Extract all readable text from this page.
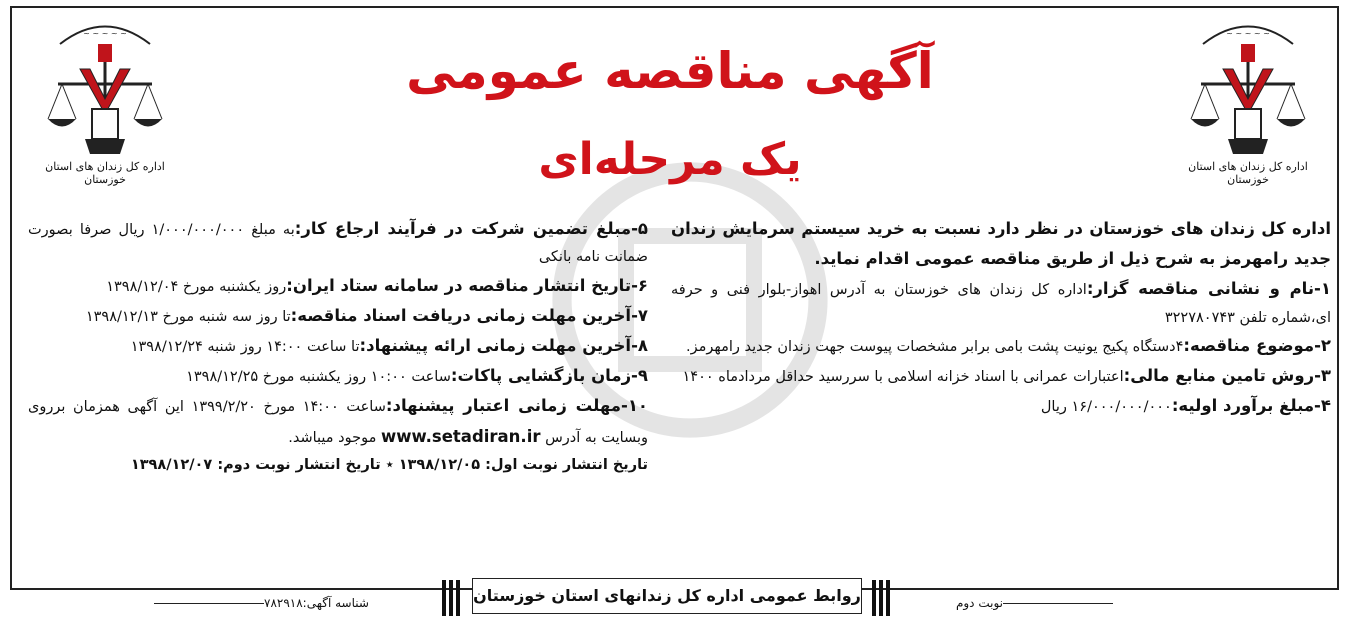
~ ~ ~ ~ ~
اداره کل زندان های استان خوزستان
~ ~ ~ ~ ~
اداره کل زندان های استان خوزستان
آگهی مناقصه عمومی
یک مرحله‌ای

اداره کل زندان های خوزستان در نظر دارد نسبت به خرید سیستم سرمایش زندان جدید رامهرمز به شرح ذیل از طریق مناقصه عمومی اقدام نماید.

۱-نام و نشانی مناقصه گزار:اداره کل زندان های خوزستان به آدرس اهواز-بلوار فنی و حرفه ای،شماره تلفن ۳۲۲۷۸۰۷۴۳

۲-موضوع مناقصه:۴دستگاه پکیج یونیت پشت بامی برابر مشخصات پیوست جهت زندان جدید رامهرمز.

۳-روش تامین منابع مالی:اعتبارات عمرانی با اسناد خزانه اسلامی با سررسید حداقل مردادماه ۱۴۰۰

۴-مبلغ برآورد اولیه:۱۶/۰۰۰/۰۰۰/۰۰۰ ریال

۵-مبلغ تضمین شرکت در فرآیند ارجاع کار:به مبلغ ۱/۰۰۰/۰۰۰/۰۰۰ ریال صرفا بصورت ضمانت نامه بانکی

۶-تاریخ انتشار مناقصه در سامانه ستاد ایران:روز یکشنبه مورخ ۱۳۹۸/۱۲/۰۴

۷-آخرین مهلت زمانی دریافت اسناد مناقصه:تا روز سه شنبه مورخ ۱۳۹۸/۱۲/۱۳

۸-آخرین مهلت زمانی ارائه پیشنهاد:تا ساعت ۱۴:۰۰ روز شنبه ۱۳۹۸/۱۲/۲۴

۹-زمان بازگشایی پاکات:ساعت ۱۰:۰۰ روز یکشنبه مورخ ۱۳۹۸/۱۲/۲۵

۱۰-مهلت زمانی اعتبار پیشنهاد:ساعت ۱۴:۰۰ مورخ ۱۳۹۹/۲/۲۰ این آگهی همزمان برروی وبسایت به آدرس www.setadiran.ir موجود میباشد.

تاریخ انتشار نوبت اول: ۱۳۹۸/۱۲/۰۵ ٭ تاریخ انتشار نوبت دوم: ۱۳۹۸/۱۲/۰۷

روابط عمومی اداره کل زندانهای استان خوزستان	نوبت دوم
شناسه آگهی:۷۸۲۹۱۸
